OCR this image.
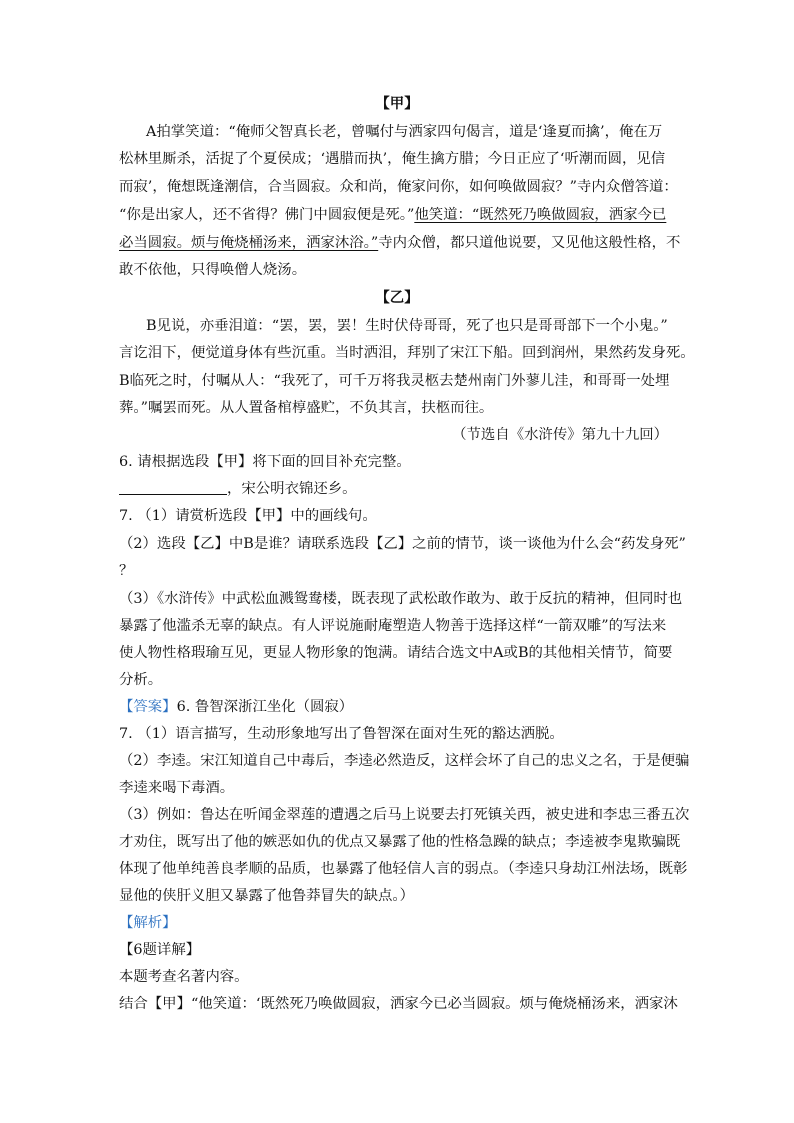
【甲】
A拍掌笑道：“俺师父智真长老，曾嘱付与洒家四句偈言，道是‘逢夏而擒’，俺在万
松林里厮杀，活捉了个夏侯成；‘遇腊而执’，俺生擒方腊；今日正应了‘听潮而圆，见信
而寂’，俺想既逢潮信，合当圆寂。众和尚，俺家问你，如何唤做圆寂？”寺内众僧答道：
“你是出家人，还不省得？佛门中圆寂便是死。”他笑道：“既然死乃唤做圆寂，洒家今已
必当圆寂。烦与俺烧桶汤来，洒家沐浴。”寺内众僧，都只道他说要，又见他这般性格，不
敢不依他，只得唤僧人烧汤。
【乙】
B见说，亦垂泪道：“罢，罢，罢！生时伏侍哥哥，死了也只是哥哥部下一个小鬼。”
言讫泪下，便觉道身体有些沉重。当时洒泪，拜别了宋江下船。回到润州，果然药发身死。
B临死之时，付嘱从人：“我死了，可千万将我灵柩去楚州南门外蓼儿洼，和哥哥一处埋
葬。”嘱罢而死。从人置备棺椁盛贮，不负其言，扶柩而往。
（节选自《水浒传》第九十九回）
6. 请根据选段【甲】将下面的回目补充完整。
，宋公明衣锦还乡。
7. （1）请赏析选段【甲】中的画线句。
（2）选段【乙】中B是谁？请联系选段【乙】之前的情节，谈一谈他为什么会“药发身死”
？
（3）《水浒传》中武松血溅鸳鸯楼，既表现了武松敢作敢为、敢于反抗的精神，但同时也
暴露了他滥杀无辜的缺点。有人评说施耐庵塑造人物善于选择这样“一箭双雕”的写法来
使人物性格瑕瑜互见，更显人物形象的饱满。请结合选文中A或B的其他相关情节，简要
分析。
【答案】6. 鲁智深浙江坐化（圆寂）
7. （1）语言描写，生动形象地写出了鲁智深在面对生死的豁达洒脱。
（2）李逵。宋江知道自己中毒后，李逵必然造反，这样会坏了自己的忠义之名，于是便骗
李逵来喝下毒酒。
（3）例如：鲁达在听闻金翠莲的遭遇之后马上说要去打死镇关西，被史进和李忠三番五次
才劝住，既写出了他的嫉恶如仇的优点又暴露了他的性格急躁的缺点；李逵被李鬼欺骗既
体现了他单纯善良孝顺的品质，也暴露了他轻信人言的弱点。（李逵只身劫江州法场，既彰
显他的侠肝义胆又暴露了他鲁莽冒失的缺点。）
【解析】
【6题详解】
本题考查名著内容。
结合【甲】“他笑道：‘既然死乃唤做圆寂，洒家今已必当圆寂。烦与俺烧桶汤来，洒家沐
